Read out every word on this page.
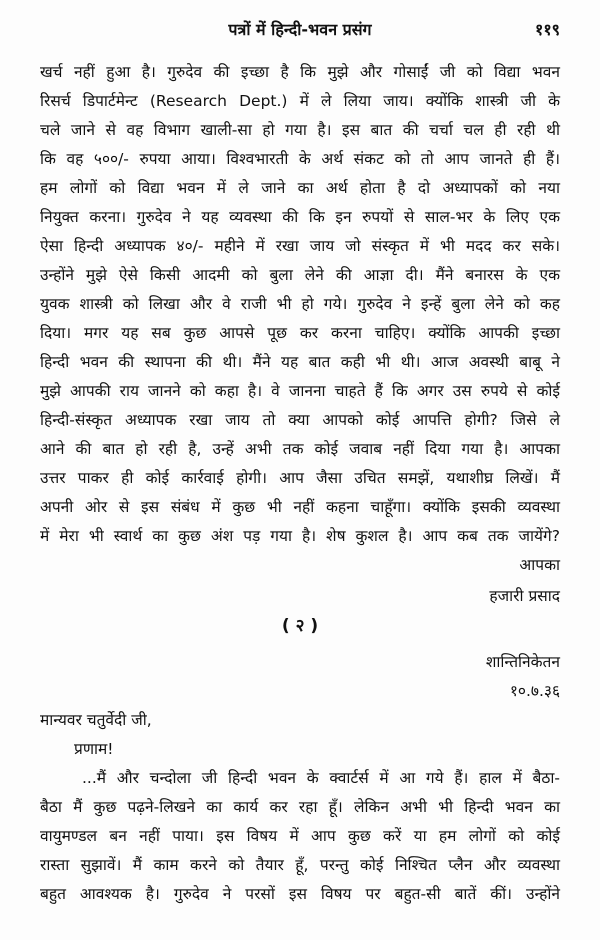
पत्रों में हिन्दी-भवन प्रसंग	११९
खर्च नहीं हुआ है। गुरुदेव की इच्छा है कि मुझे और गोसाईं जी को विद्या भवन
रिसर्च डिपार्टमेन्ट (Research Dept.) में ले लिया जाय। क्योंकि शास्त्री जी के
चले जाने से वह विभाग खाली-सा हो गया है। इस बात की चर्चा चल ही रही थी
कि वह ५००/- रुपया आया। विश्वभारती के अर्थ संकट को तो आप जानते ही हैं।
हम लोगों को विद्या भवन में ले जाने का अर्थ होता है दो अध्यापकों को नया
नियुक्त करना। गुरुदेव ने यह व्यवस्था की कि इन रुपयों से साल-भर के लिए एक
ऐसा हिन्दी अध्यापक ४०/- महीने में रखा जाय जो संस्कृत में भी मदद कर सके।
उन्होंने मुझे ऐसे किसी आदमी को बुला लेने की आज्ञा दी। मैंने बनारस के एक
युवक शास्त्री को लिखा और वे राजी भी हो गये। गुरुदेव ने इन्हें बुला लेने को कह
दिया। मगर यह सब कुछ आपसे पूछ कर करना चाहिए। क्योंकि आपकी इच्छा
हिन्दी भवन की स्थापना की थी। मैंने यह बात कही भी थी। आज अवस्थी बाबू ने
मुझे आपकी राय जानने को कहा है। वे जानना चाहते हैं कि अगर उस रुपये से कोई
हिन्दी-संस्कृत अध्यापक रखा जाय तो क्या आपको कोई आपत्ति होगी? जिसे ले
आने की बात हो रही है, उन्हें अभी तक कोई जवाब नहीं दिया गया है। आपका
उत्तर पाकर ही कोई कार्रवाई होगी। आप जैसा उचित समझें, यथाशीघ्र लिखें। मैं
अपनी ओर से इस संबंध में कुछ भी नहीं कहना चाहूँगा। क्योंकि इसकी व्यवस्था
में मेरा भी स्वार्थ का कुछ अंश पड़ गया है। शेष कुशल है। आप कब तक जायेंगे?
आपका
हजारी प्रसाद
( २ )
शान्तिनिकेतन
१०.७.३६
मान्यवर चतुर्वेदी जी,
प्रणाम!
...मैं और चन्दोला जी हिन्दी भवन के क्वार्टर्स में आ गये हैं। हाल में बैठा-
बैठा मैं कुछ पढ़ने-लिखने का कार्य कर रहा हूँ। लेकिन अभी भी हिन्दी भवन का
वायुमण्डल बन नहीं पाया। इस विषय में आप कुछ करें या हम लोगों को कोई
रास्ता सुझावें। मैं काम करने को तैयार हूँ, परन्तु कोई निश्चित प्लैन और व्यवस्था
बहुत आवश्यक है। गुरुदेव ने परसों इस विषय पर बहुत-सी बातें कीं। उन्होंने
